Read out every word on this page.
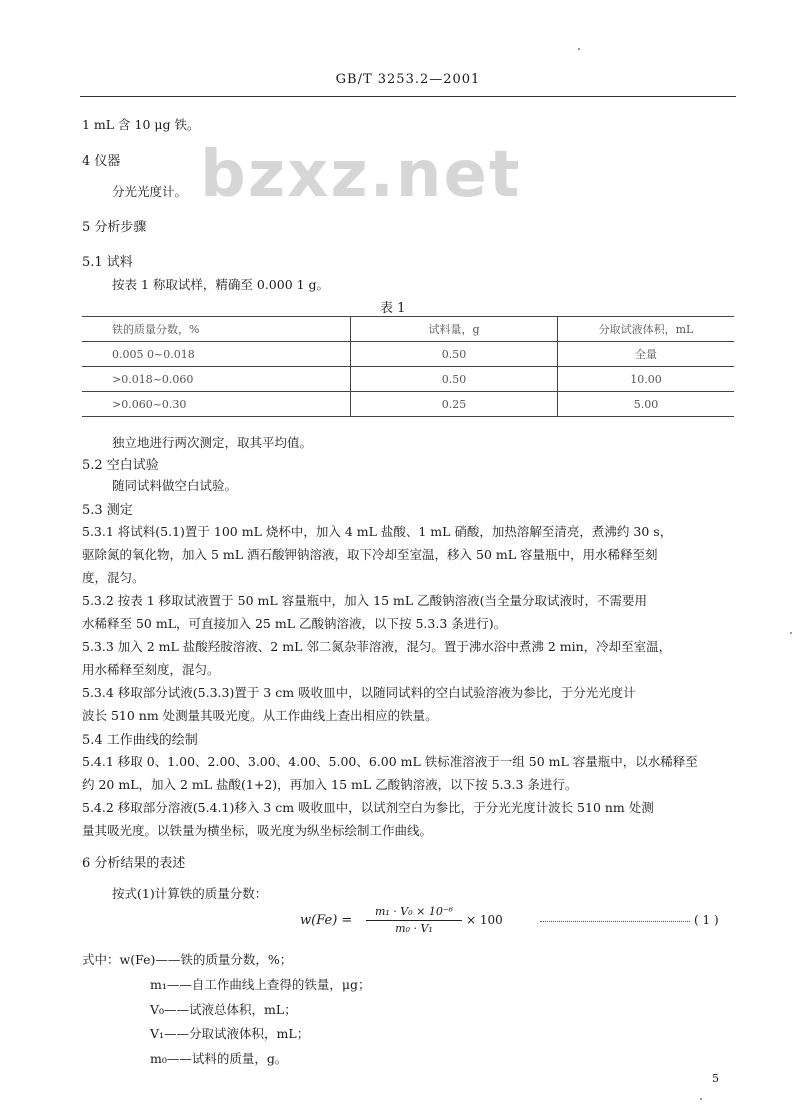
GB/T 3253.2—2001
bzxz.net
1 mL 含 10 μg 铁。
4 仪器
分光光度计。
5 分析步骤
5.1 试料
按表 1 称取试样，精确至 0.000 1 g。
表 1
铁的质量分数，%	试料量，g	分取试液体积，mL
0.005 0~0.018	0.50	全量
>0.018~0.060	0.50	10.00
>0.060~0.30	0.25	5.00
独立地进行两次测定，取其平均值。
5.2 空白试验
随同试料做空白试验。
5.3 测定
5.3.1 将试料(5.1)置于 100 mL 烧杯中，加入 4 mL 盐酸、1 mL 硝酸，加热溶解至清亮，煮沸约 30 s，
驱除氮的氧化物，加入 5 mL 酒石酸钾钠溶液，取下冷却至室温，移入 50 mL 容量瓶中，用水稀释至刻
度，混匀。
5.3.2 按表 1 移取试液置于 50 mL 容量瓶中，加入 15 mL 乙酸钠溶液(当全量分取试液时，不需要用
水稀释至 50 mL，可直接加入 25 mL 乙酸钠溶液，以下按 5.3.3 条进行)。
5.3.3 加入 2 mL 盐酸羟胺溶液、2 mL 邻二氮杂菲溶液，混匀。置于沸水浴中煮沸 2 min，冷却至室温，
用水稀释至刻度，混匀。
5.3.4 移取部分试液(5.3.3)置于 3 cm 吸收皿中，以随同试料的空白试验溶液为参比，于分光光度计
波长 510 nm 处测量其吸光度。从工作曲线上查出相应的铁量。
5.4 工作曲线的绘制
5.4.1 移取 0、1.00、2.00、3.00、4.00、5.00、6.00 mL 铁标准溶液于一组 50 mL 容量瓶中，以水稀释至
约 20 mL，加入 2 mL 盐酸(1+2)，再加入 15 mL 乙酸钠溶液，以下按 5.3.3 条进行。
5.4.2 移取部分溶液(5.4.1)移入 3 cm 吸收皿中，以试剂空白为参比，于分光光度计波长 510 nm 处测
量其吸光度。以铁量为横坐标，吸光度为纵坐标绘制工作曲线。
6 分析结果的表述
按式(1)计算铁的质量分数：
$w(Fe) = \frac{\text{m₁ · V₀ × 10⁻⁶}}{\text{m₀ · V₁}} \times 100$	( 1 )
式中：w(Fe)——铁的质量分数，%；
m₁——自工作曲线上查得的铁量，μg；
V₀——试液总体积，mL；
V₁——分取试液体积，mL；
m₀——试料的质量，g。
5
